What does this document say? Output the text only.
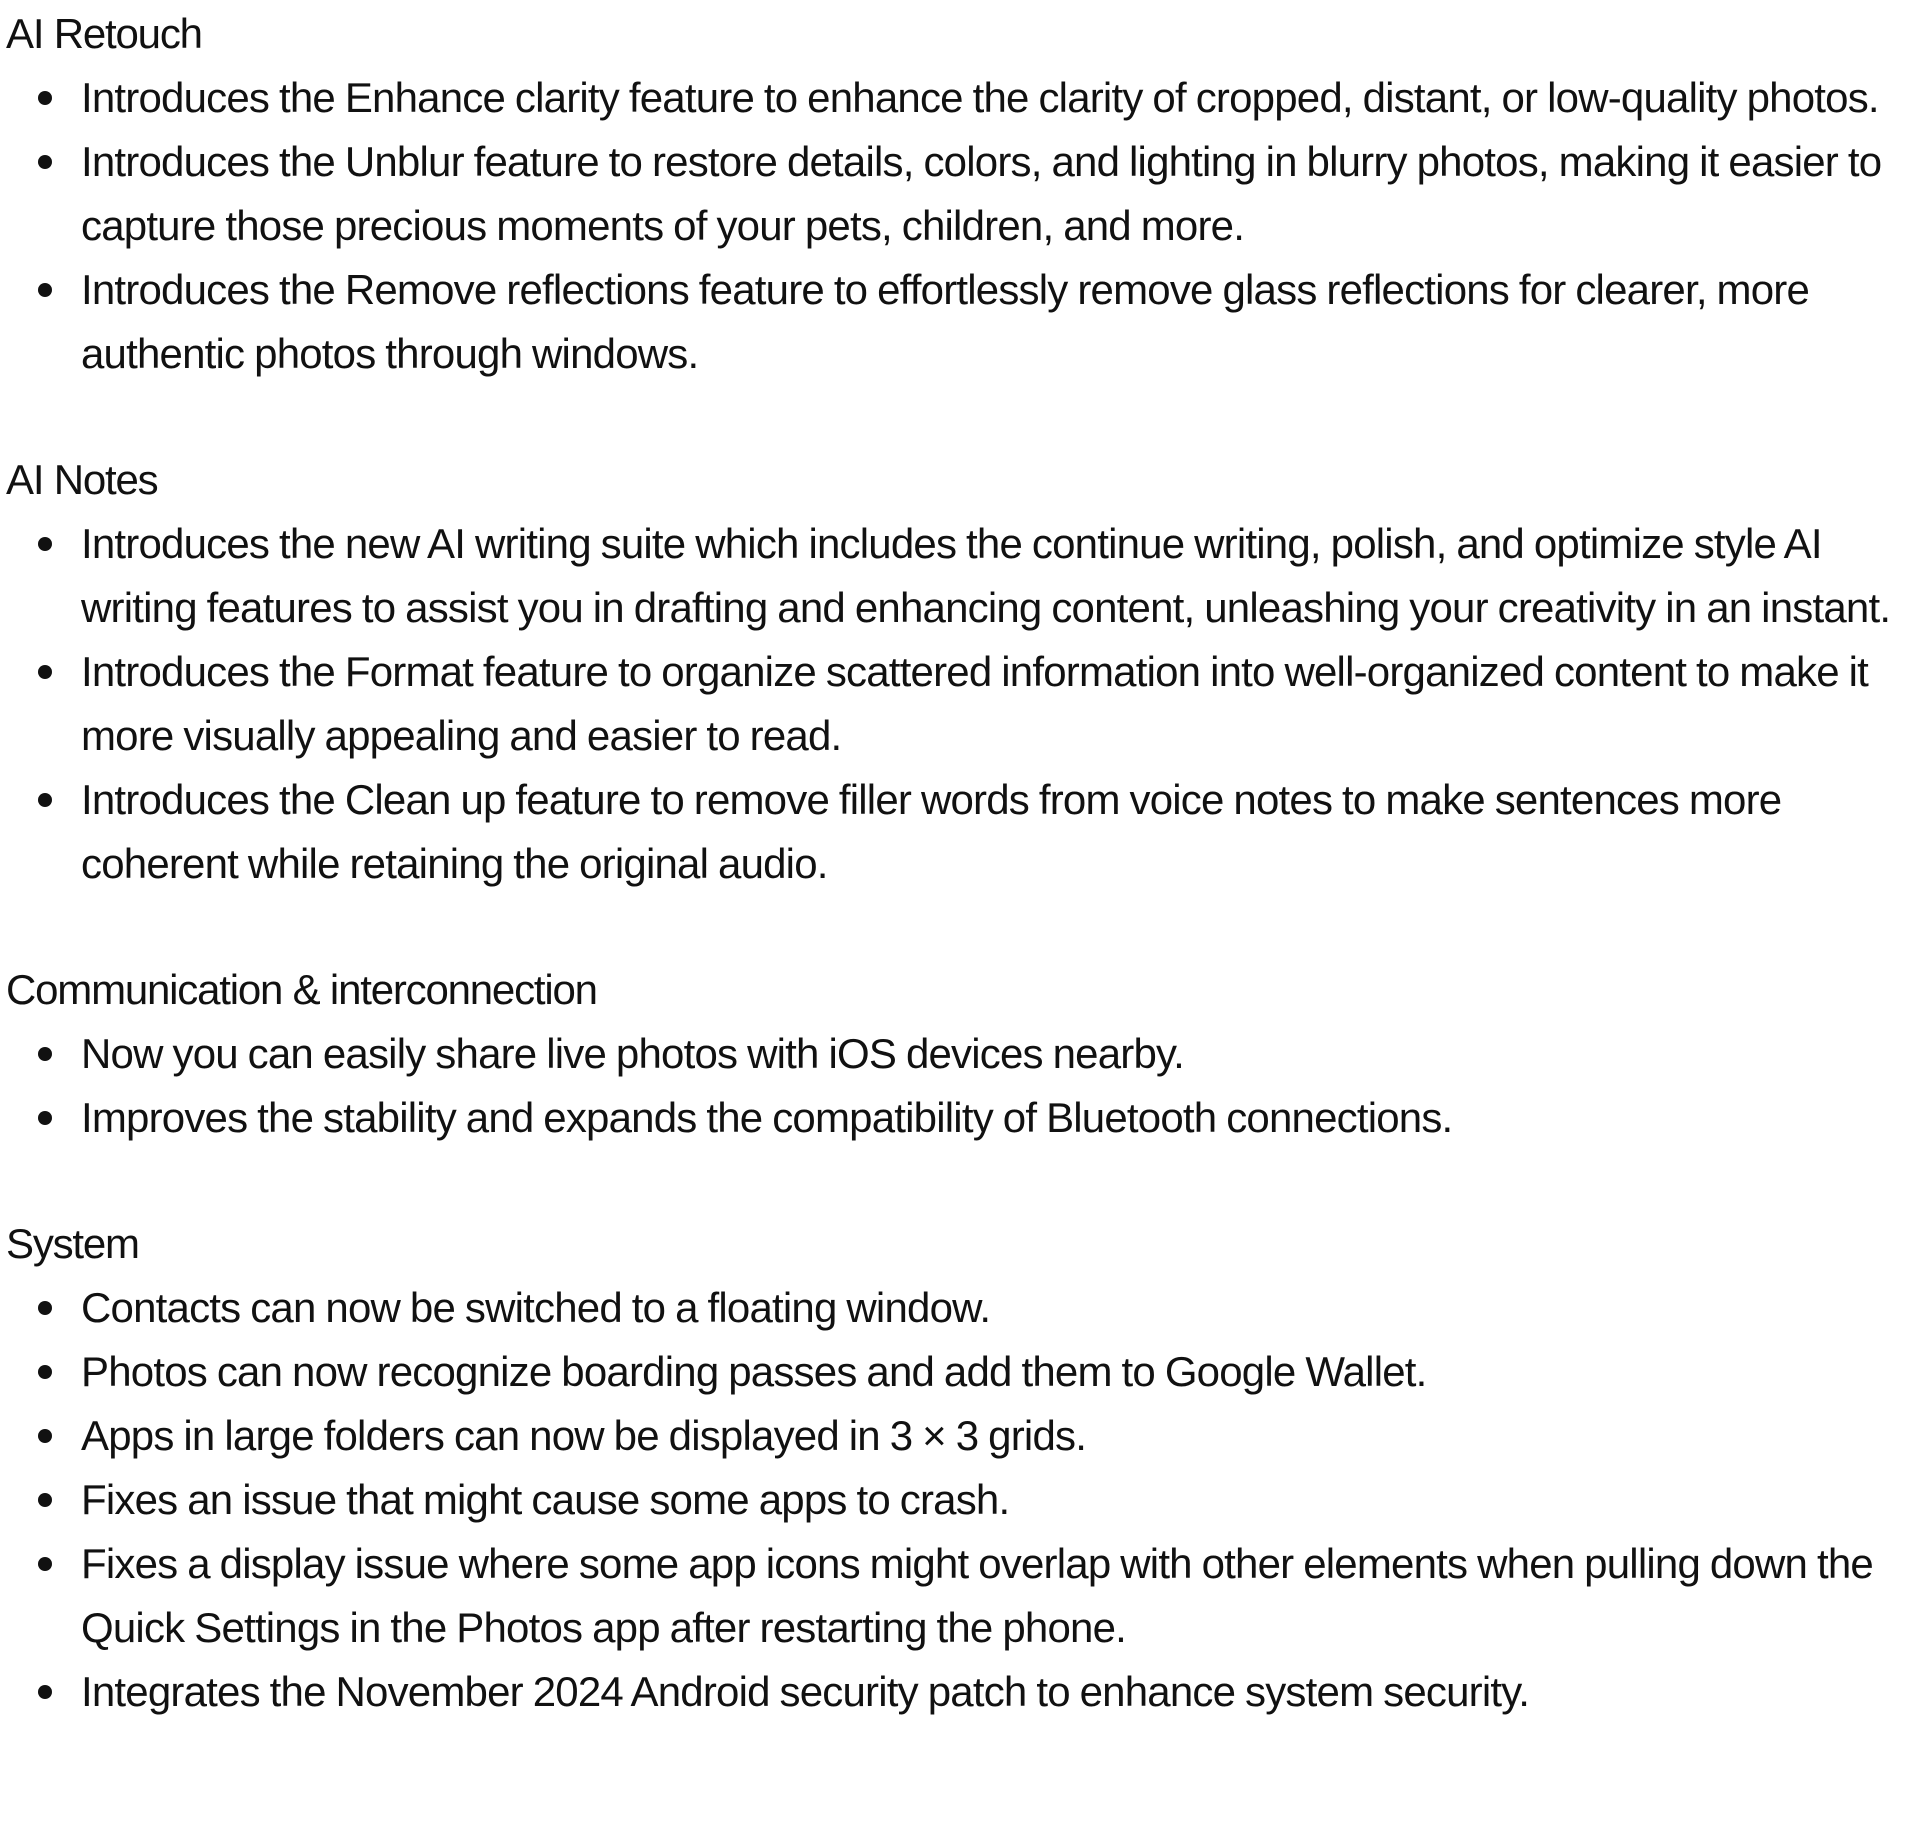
AI Retouch
Introduces the Enhance clarity feature to enhance the clarity of cropped, distant, or low-quality photos.
Introduces the Unblur feature to restore details, colors, and lighting in blurry photos, making it easier to capture those precious moments of your pets, children, and more.
Introduces the Remove reflections feature to effortlessly remove glass reflections for clearer, more authentic photos through windows.
AI Notes
Introduces the new AI writing suite which includes the continue writing, polish, and optimize style AI writing features to assist you in drafting and enhancing content, unleashing your creativity in an instant.
Introduces the Format feature to organize scattered information into well-organized content to make it more visually appealing and easier to read.
Introduces the Clean up feature to remove filler words from voice notes to make sentences more coherent while retaining the original audio.
Communication & interconnection
Now you can easily share live photos with iOS devices nearby.
Improves the stability and expands the compatibility of Bluetooth connections.
System
Contacts can now be switched to a floating window.
Photos can now recognize boarding passes and add them to Google Wallet.
Apps in large folders can now be displayed in 3 × 3 grids.
Fixes an issue that might cause some apps to crash.
Fixes a display issue where some app icons might overlap with other elements when pulling down the Quick Settings in the Photos app after restarting the phone.
Integrates the November 2024 Android security patch to enhance system security.
